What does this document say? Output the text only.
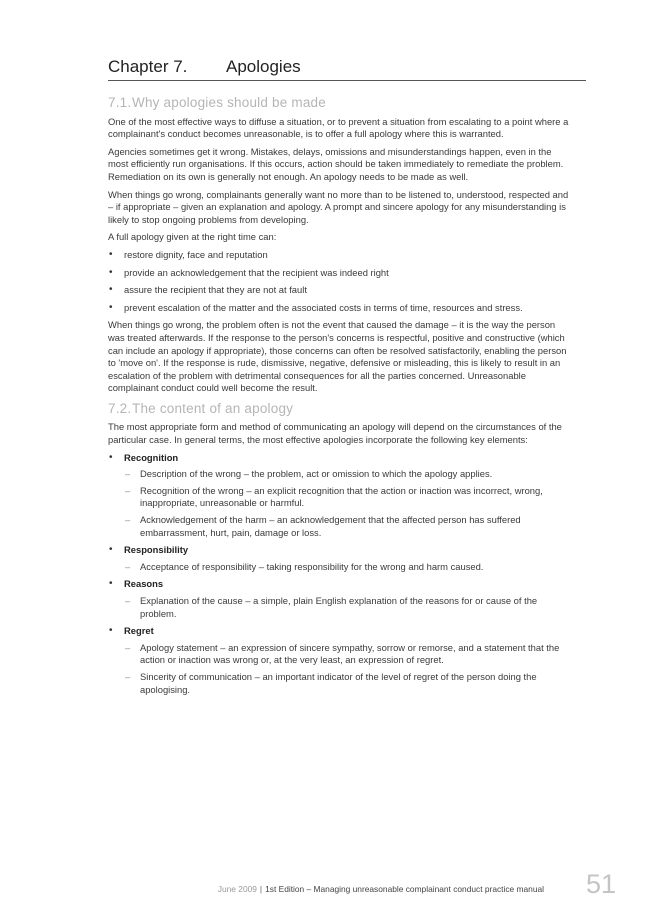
Chapter 7. Apologies
7.1.Why apologies should be made

One of the most effective ways to diffuse a situation, or to prevent a situation from escalating to a point where a complainant's conduct becomes unreasonable, is to offer a full apology where this is warranted.

Agencies sometimes get it wrong. Mistakes, delays, omissions and misunderstandings happen, even in the most efficiently run organisations. If this occurs, action should be taken immediately to remediate the problem. Remediation on its own is generally not enough. An apology needs to be made as well.

When things go wrong, complainants generally want no more than to be listened to, understood, respected and – if appropriate – given an explanation and apology. A prompt and sincere apology for any misunderstanding is likely to stop ongoing problems from developing.

A full apology given at the right time can:

• restore dignity, face and reputation
• provide an acknowledgement that the recipient was indeed right
• assure the recipient that they are not at fault
• prevent escalation of the matter and the associated costs in terms of time, resources and stress.

When things go wrong, the problem often is not the event that caused the damage – it is the way the person was treated afterwards. If the response to the person's concerns is respectful, positive and constructive (which can include an apology if appropriate), those concerns can often be resolved satisfactorily, enabling the person to 'move on'. If the response is rude, dismissive, negative, defensive or misleading, this is likely to result in an escalation of the problem with detrimental consequences for all the parties concerned. Unreasonable complainant conduct could well become the result.

7.2.The content of an apology

The most appropriate form and method of communicating an apology will depend on the circumstances of the particular case. In general terms, the most effective apologies incorporate the following key elements:

• Recognition
– Description of the wrong – the problem, act or omission to which the apology applies.
– Recognition of the wrong – an explicit recognition that the action or inaction was incorrect, wrong, inappropriate, unreasonable or harmful.
– Acknowledgement of the harm – an acknowledgement that the affected person has suffered embarrassment, hurt, pain, damage or loss.
• Responsibility
– Acceptance of responsibility – taking responsibility for the wrong and harm caused.
• Reasons
– Explanation of the cause – a simple, plain English explanation of the reasons for or cause of the problem.
• Regret
– Apology statement – an expression of sincere sympathy, sorrow or remorse, and a statement that the action or inaction was wrong or, at the very least, an expression of regret.
– Sincerity of communication – an important indicator of the level of regret of the person doing the apologising.
June 2009 | 1st Edition – Managing unreasonable complainant conduct practice manual 51
